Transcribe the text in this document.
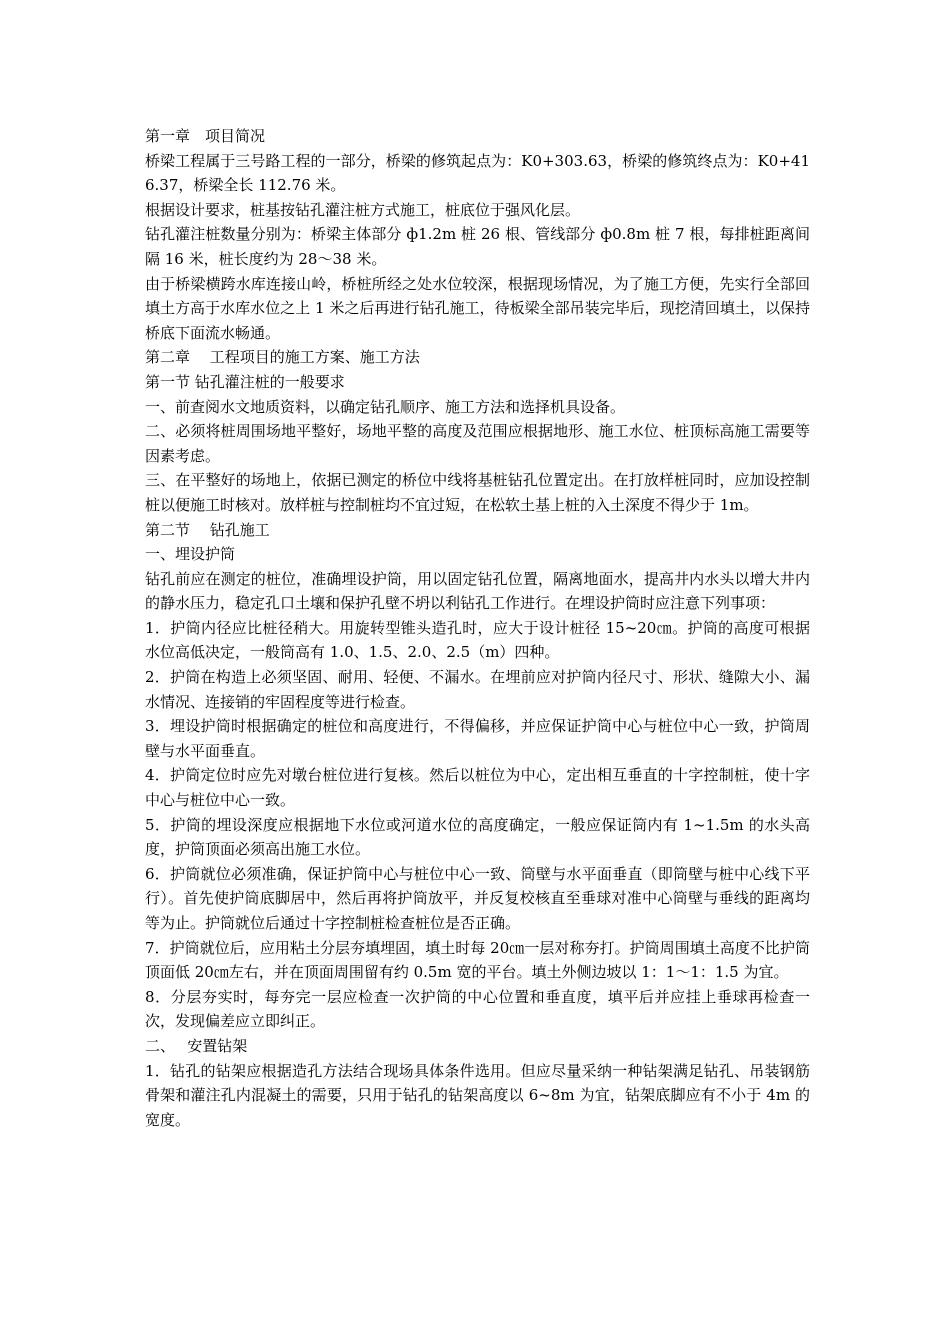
第一章　项目简况

桥梁工程属于三号路工程的一部分，桥梁的修筑起点为：K0+303.63，桥梁的修筑终点为：K0+416.37，桥梁全长 112.76 米。

根据设计要求，桩基按钻孔灌注桩方式施工，桩底位于强风化层。

钻孔灌注桩数量分别为：桥梁主体部分 ф1.2m 桩 26 根、管线部分 ф0.8m 桩 7 根，每排桩距离间隔 16 米，桩长度约为 28～38 米。

由于桥梁横跨水库连接山岭，桥桩所经之处水位较深，根据现场情况，为了施工方便，先实行全部回填土方高于水库水位之上 1 米之后再进行钻孔施工，待板梁全部吊装完毕后，现挖清回填土，以保持桥底下面流水畅通。

第二章　 工程项目的施工方案、施工方法

第一节 钻孔灌注桩的一般要求

一、前查阅水文地质资料，以确定钻孔顺序、施工方法和选择机具设备。

二、必须将桩周围场地平整好，场地平整的高度及范围应根据地形、施工水位、桩顶标高施工需要等因素考虑。

三、在平整好的场地上，依据已测定的桥位中线将基桩钻孔位置定出。在打放样桩同时，应加设控制桩以便施工时核对。放样桩与控制桩均不宜过短，在松软土基上桩的入土深度不得少于 1m。

第二节　 钻孔施工

一、埋设护筒

钻孔前应在测定的桩位，准确埋设护筒，用以固定钻孔位置，隔离地面水，提高井内水头以增大井内的静水压力，稳定孔口土壤和保护孔壁不坍以利钻孔工作进行。在埋设护筒时应注意下列事项：

1．护筒内径应比桩径稍大。用旋转型锥头造孔时，应大于设计桩径 15~20㎝。护筒的高度可根据水位高低决定，一般筒高有 1.0、1.5、2.0、2.5（m）四种。

2．护筒在构造上必须坚固、耐用、轻便、不漏水。在埋前应对护筒内径尺寸、形状、缝隙大小、漏水情况、连接销的牢固程度等进行检查。

3．埋设护筒时根据确定的桩位和高度进行，不得偏移，并应保证护筒中心与桩位中心一致，护筒周壁与水平面垂直。

4．护筒定位时应先对墩台桩位进行复核。然后以桩位为中心，定出相互垂直的十字控制桩，使十字中心与桩位中心一致。

5．护筒的埋设深度应根据地下水位或河道水位的高度确定，一般应保证筒内有 1~1.5m 的水头高度，护筒顶面必须高出施工水位。

6．护筒就位必须准确，保证护筒中心与桩位中心一致、筒壁与水平面垂直（即筒壁与桩中心线下平行）。首先使护筒底脚居中，然后再将护筒放平，并反复校核直至垂球对准中心筒壁与垂线的距离均等为止。护筒就位后通过十字控制桩检查桩位是否正确。

7．护筒就位后，应用粘土分层夯填埋固，填土时每 20㎝一层对称夯打。护筒周围填土高度不比护筒顶面低 20㎝左右，并在顶面周围留有约 0.5m 宽的平台。填土外侧边坡以 1：1～1：1.5 为宜。

8．分层夯实时，每夯完一层应检查一次护筒的中心位置和垂直度，填平后并应挂上垂球再检查一次，发现偏差应立即纠正。

二、　 安置钻架

1．钻孔的钻架应根据造孔方法结合现场具体条件选用。但应尽量采纳一种钻架满足钻孔、吊装钢筋骨架和灌注孔内混凝土的需要，只用于钻孔的钻架高度以 6~8m 为宜，钻架底脚应有不小于 4m 的宽度。
